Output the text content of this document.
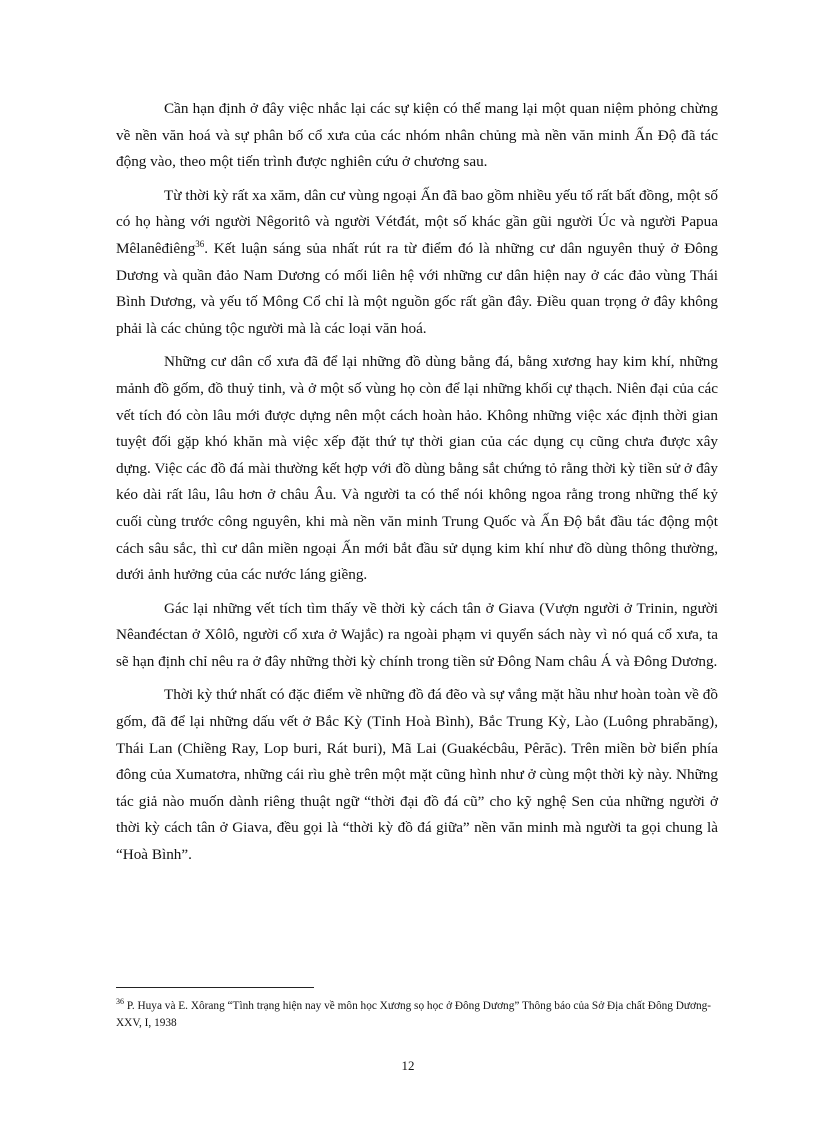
Cần hạn định ở đây việc nhắc lại các sự kiện có thể mang lại một quan niệm phỏng chừng về nền văn hoá và sự phân bố cổ xưa của các nhóm nhân chủng mà nền văn minh Ấn Độ đã tác động vào, theo một tiến trình được nghiên cứu ở chương sau.

Từ thời kỳ rất xa xăm, dân cư vùng ngoại Ấn đã bao gồm nhiều yếu tố rất bất đồng, một số có họ hàng với người Nêgoritô và người Vétđát, một số khác gần gũi người Úc và người Papua Mêlanêđiêng$^{36}$. Kết luận sáng sủa nhất rút ra từ điểm đó là những cư dân nguyên thuỷ ở Đông Dương và quần đảo Nam Dương có mối liên hệ với những cư dân hiện nay ở các đảo vùng Thái Bình Dương, và yếu tố Mông Cổ chỉ là một nguồn gốc rất gần đây. Điều quan trọng ở đây không phải là các chủng tộc người mà là các loại văn hoá.

Những cư dân cổ xưa đã để lại những đồ dùng bằng đá, bằng xương hay kim khí, những mảnh đồ gốm, đồ thuỷ tinh, và ở một số vùng họ còn để lại những khối cự thạch. Niên đại của các vết tích đó còn lâu mới được dựng nên một cách hoàn hảo. Không những việc xác định thời gian tuyệt đối gặp khó khăn mà việc xếp đặt thứ tự thời gian của các dụng cụ cũng chưa được xây dựng. Việc các đồ đá mài thường kết hợp với đồ dùng bằng sắt chứng tỏ rằng thời kỳ tiền sử ở đây kéo dài rất lâu, lâu hơn ở châu Âu. Và người ta có thể nói không ngoa rằng trong những thế kỷ cuối cùng trước công nguyên, khi mà nền văn minh Trung Quốc và Ấn Độ bắt đầu tác động một cách sâu sắc, thì cư dân miền ngoại Ấn mới bắt đầu sử dụng kim khí như đồ dùng thông thường, dưới ảnh hưởng của các nước láng giềng.

Gác lại những vết tích tìm thấy về thời kỳ cách tân ở Giava (Vượn người ở Trinin, người Nêanđéctan ở Xôlô, người cổ xưa ở Wajắc) ra ngoài phạm vi quyển sách này vì nó quá cổ xưa, ta sẽ hạn định chỉ nêu ra ở đây những thời kỳ chính trong tiền sử Đông Nam châu Á và Đông Dương.

Thời kỳ thứ nhất có đặc điểm về những đồ đá đẽo và sự vắng mặt hầu như hoàn toàn về đồ gốm, đã để lại những dấu vết ở Bắc Kỳ (Tỉnh Hoà Bình), Bắc Trung Kỳ, Lào (Luông phrabăng), Thái Lan (Chiềng Ray, Lop buri, Rát buri), Mã Lai (Guakécbâu, Pêrăc). Trên miền bờ biển phía đông của Xumatơra, những cái rìu ghè trên một mặt cũng hình như ở cùng một thời kỳ này. Những tác giả nào muốn dành riêng thuật ngữ “thời đại đồ đá cũ” cho kỹ nghệ Sen của những người ở thời kỳ cách tân ở Giava, đều gọi là “thời kỳ đồ đá giữa” nền văn minh mà người ta gọi chung là “Hoà Bình”.

$^{36}$ P. Huya và E. Xôrang “Tình trạng hiện nay về môn học Xương sọ học ở Đông Dương” Thông báo của Sở Địa chất Đông Dương-XXV, I, 1938
12
